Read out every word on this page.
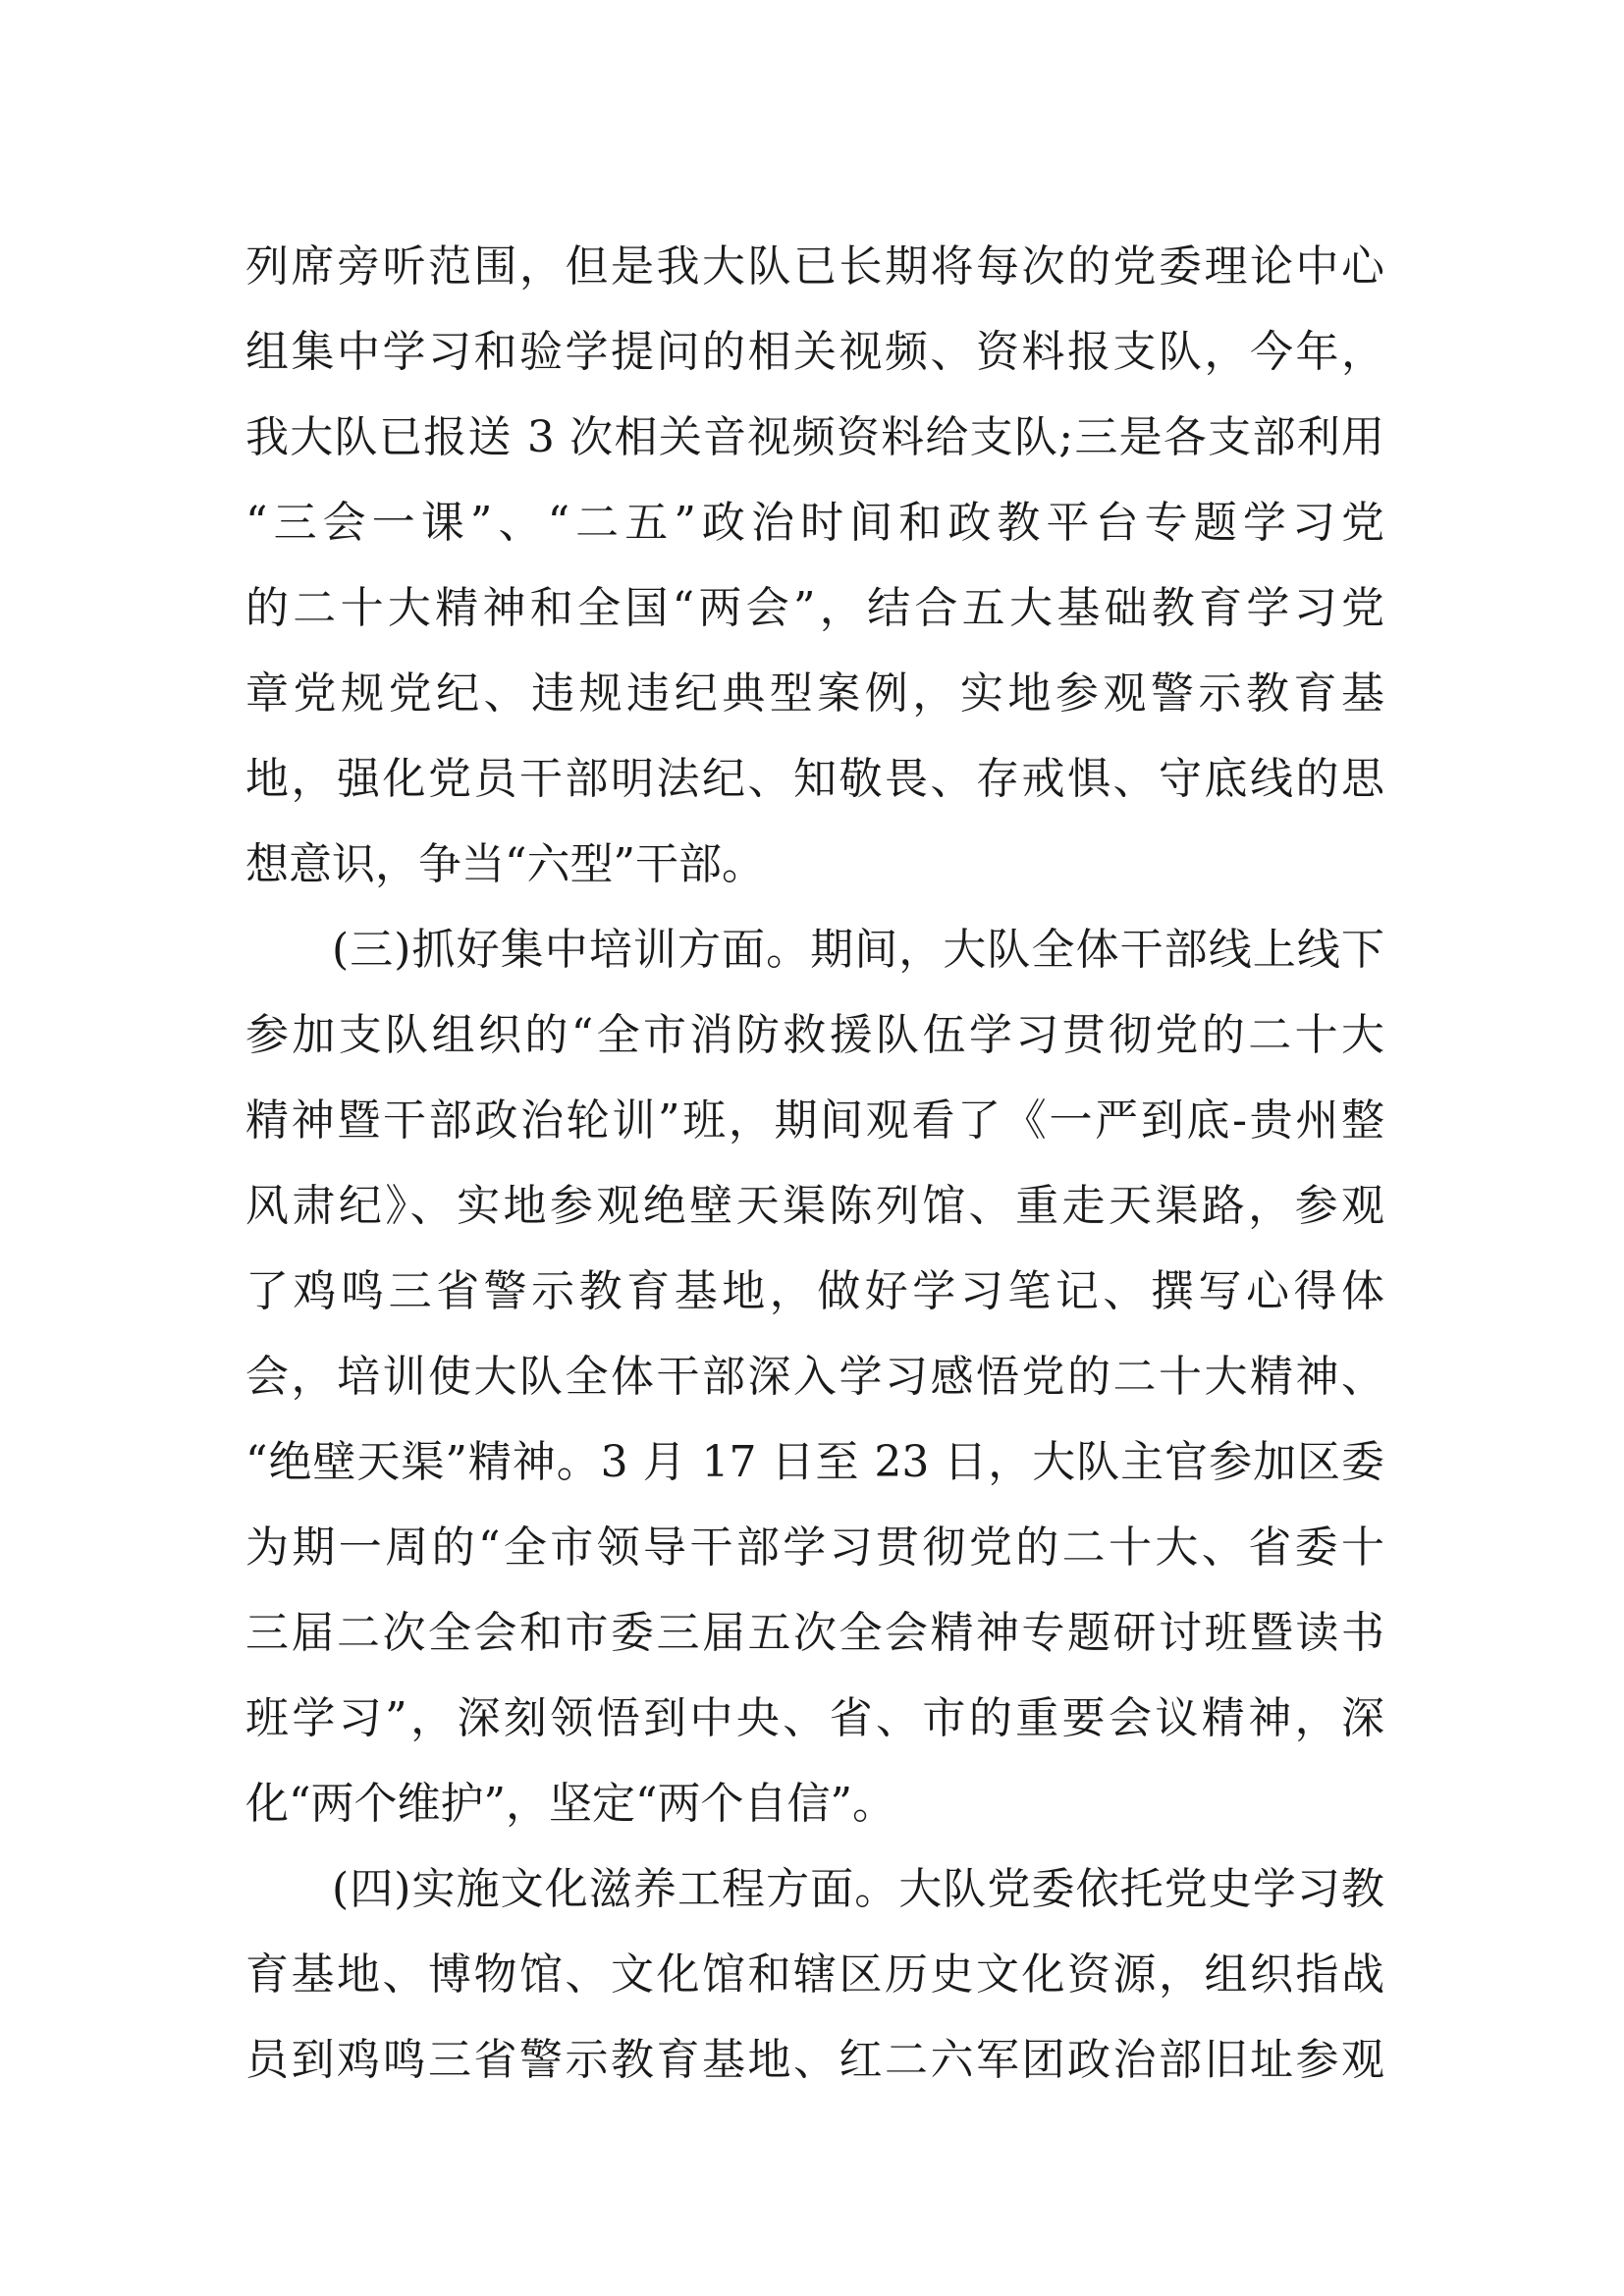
列席旁听范围，但是我大队已长期将每次的党委理论中心
组集中学习和验学提问的相关视频、资料报支队，今年，
我大队已报送 3 次相关音视频资料给支队;三是各支部利用
“三会一课”、“二五”政治时间和政教平台专题学习党
的二十大精神和全国“两会”，结合五大基础教育学习党
章党规党纪、违规违纪典型案例，实地参观警示教育基
地，强化党员干部明法纪、知敬畏、存戒惧、守底线的思
想意识，争当“六型”干部。
(三)抓好集中培训方面。期间，大队全体干部线上线下
参加支队组织的“全市消防救援队伍学习贯彻党的二十大
精神暨干部政治轮训”班，期间观看了《一严到底-贵州整
风肃纪》、实地参观绝壁天渠陈列馆、重走天渠路，参观
了鸡鸣三省警示教育基地，做好学习笔记、撰写心得体
会，培训使大队全体干部深入学习感悟党的二十大精神、
“绝壁天渠”精神。3 月 17 日至 23 日，大队主官参加区委
为期一周的“全市领导干部学习贯彻党的二十大、省委十
三届二次全会和市委三届五次全会精神专题研讨班暨读书
班学习”，深刻领悟到中央、省、市的重要会议精神，深
化“两个维护”，坚定“两个自信”。
(四)实施文化滋养工程方面。大队党委依托党史学习教
育基地、博物馆、文化馆和辖区历史文化资源，组织指战
员到鸡鸣三省警示教育基地、红二六军团政治部旧址参观
